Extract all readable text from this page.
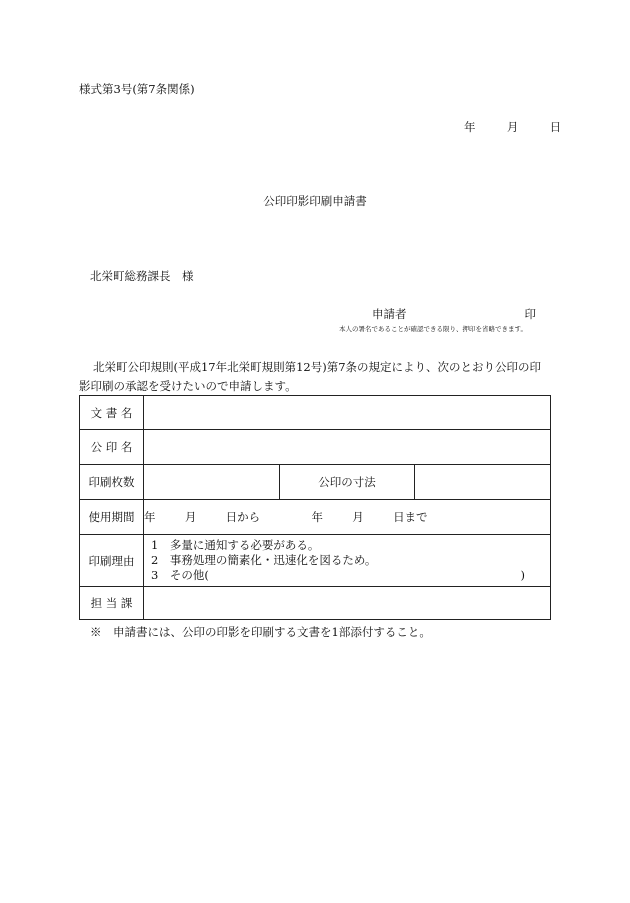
様式第3号(第7条関係)
年	月	日
公印印影印刷申請書
北栄町総務課長　様
申請者	印
本人の署名であることが確認できる限り、押印を省略できます。
北栄町公印規則(平成17年北栄町規則第12号)第7条の規定により、次のとおり公印の印影印刷の承認を受けたいので申請します。
文 書 名			
公 印 名			
印刷枚数		公印の寸法	
使用期間	年 月 日から 年 月 日まで		
印刷理由	1　多量に通知する必要がある。
2　事務処理の簡素化・迅速化を図るため。
3　その他( )		

担 当 課			
※　申請書には、公印の印影を印刷する文書を1部添付すること。
